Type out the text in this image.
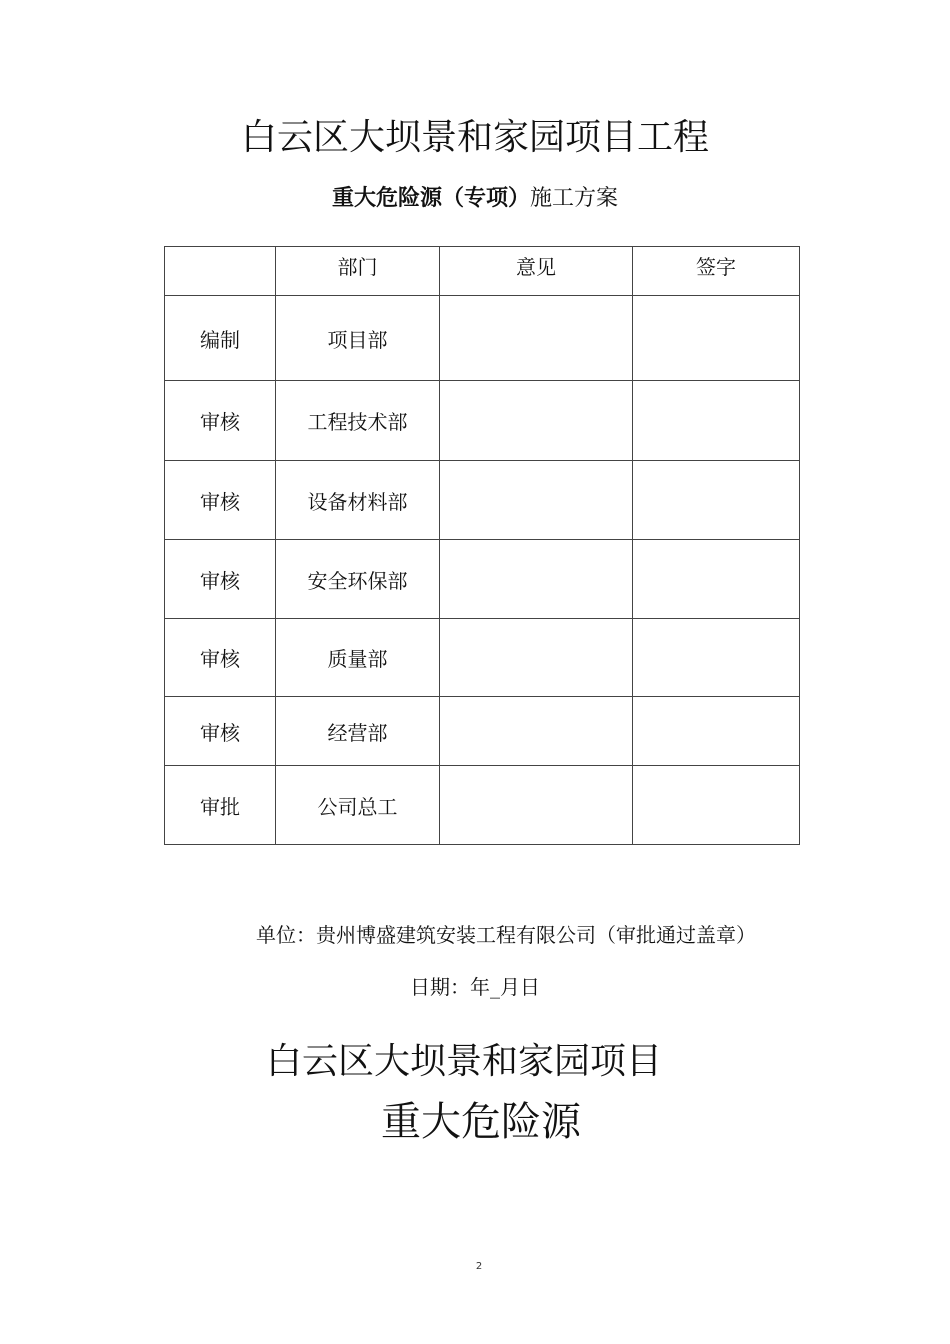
白云区大坝景和家园项目工程
重大危险源（专项）施工方案
	部门	意见	签字
编制	项目部		
审核	工程技术部		
审核	设备材料部		
审核	安全环保部		
审核	质量部		
审核	经营部		
审批	公司总工		
单位：贵州博盛建筑安装工程有限公司（审批通过盖章）
日期：年_月日
白云区大坝景和家园项目
重大危险源
2
